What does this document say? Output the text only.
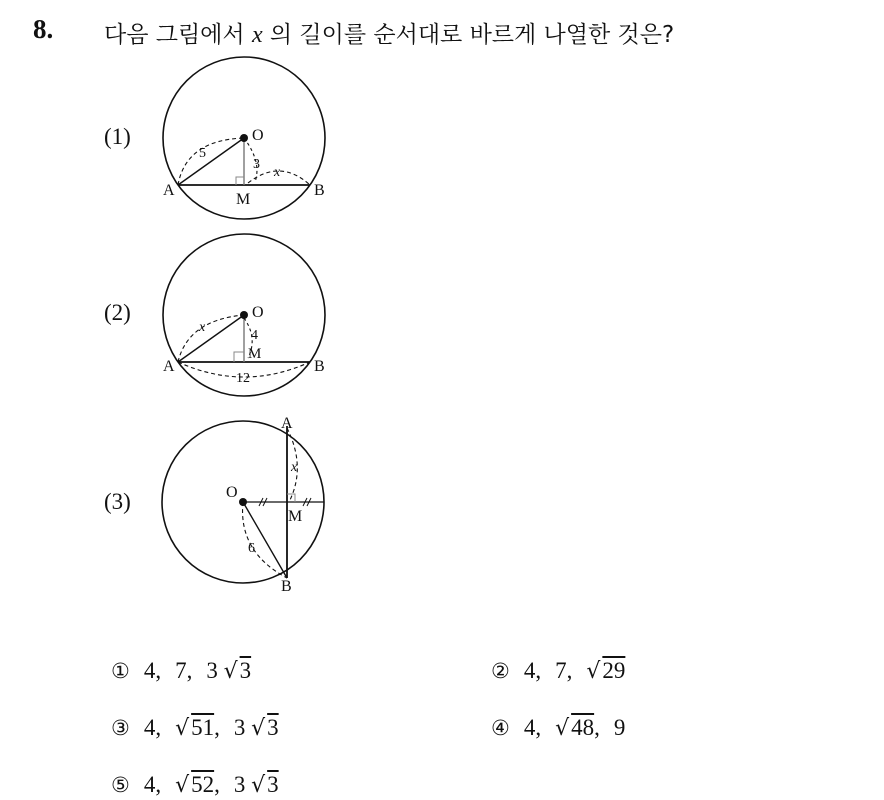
8. 다음 그림에서 x 의 길이를 순서대로 바르게 나열한 것은?
(1)
(2)
(3)
O
A	B
M
5
3
x
O
A	B
M
x
4
12
O
A
B
M
x
6
① 4, 7, 3 √3	② 4, 7, √29
③ 4, √51, 3 √3	④ 4, √48, 9
⑤ 4, √52, 3 √3
